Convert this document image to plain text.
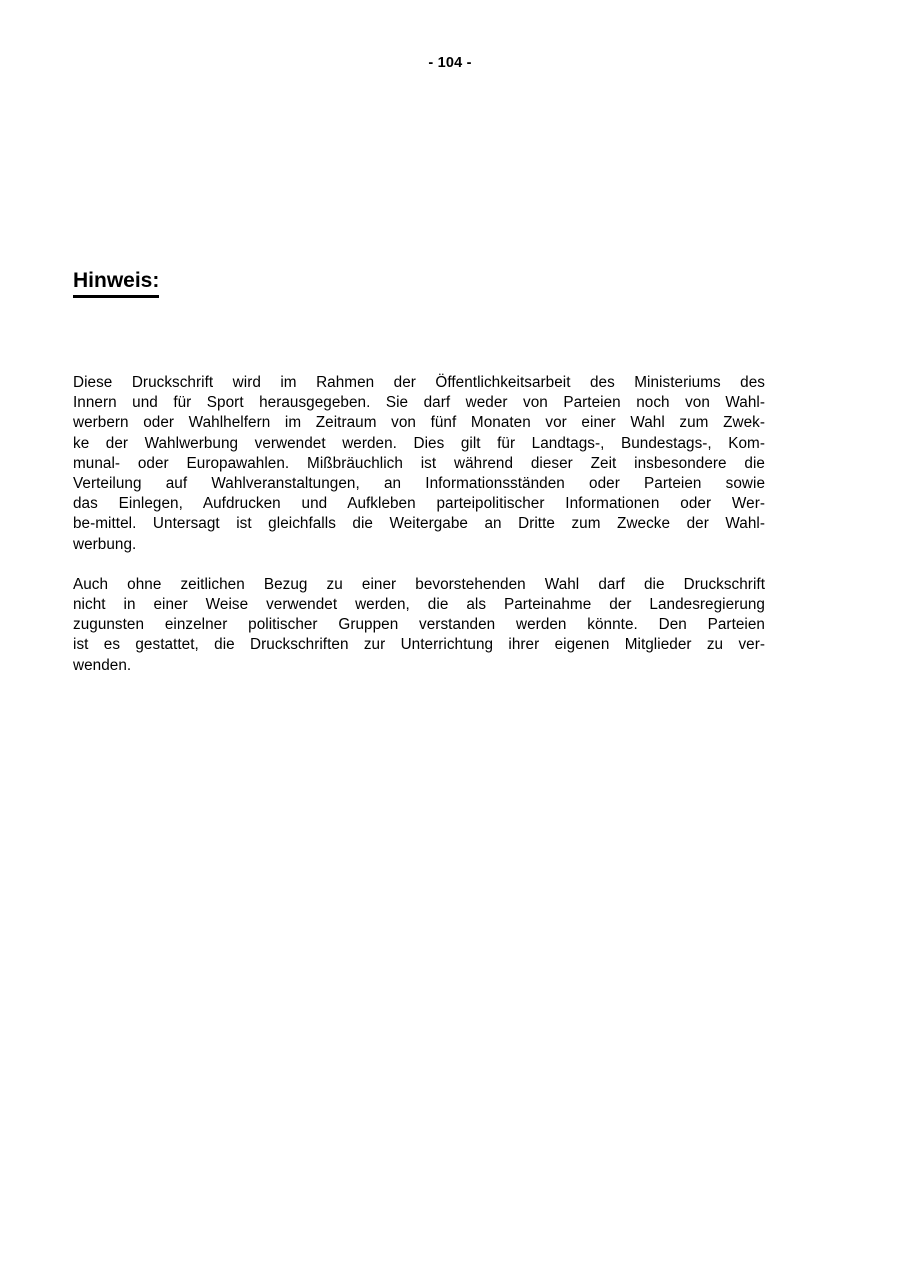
- 104 -
Hinweis:

Diese Druckschrift wird im Rahmen der Öffentlichkeitsarbeit des Ministeriums des
Innern und für Sport herausgegeben. Sie darf weder von Parteien noch von Wahl-
werbern oder Wahlhelfern im Zeitraum von fünf Monaten vor einer Wahl zum Zwek-
ke der Wahlwerbung verwendet werden. Dies gilt für Landtags-, Bundestags-, Kom-
munal- oder Europawahlen. Mißbräuchlich ist während dieser Zeit insbesondere die
Verteilung auf Wahlveranstaltungen, an Informationsständen oder Parteien sowie
das Einlegen, Aufdrucken und Aufkleben parteipolitischer Informationen oder Wer-
be-mittel. Untersagt ist gleichfalls die Weitergabe an Dritte zum Zwecke der Wahl-
werbung.

Auch ohne zeitlichen Bezug zu einer bevorstehenden Wahl darf die Druckschrift
nicht in einer Weise verwendet werden, die als Parteinahme der Landesregierung
zugunsten einzelner politischer Gruppen verstanden werden könnte. Den Parteien
ist es gestattet, die Druckschriften zur Unterrichtung ihrer eigenen Mitglieder zu ver-
wenden.
